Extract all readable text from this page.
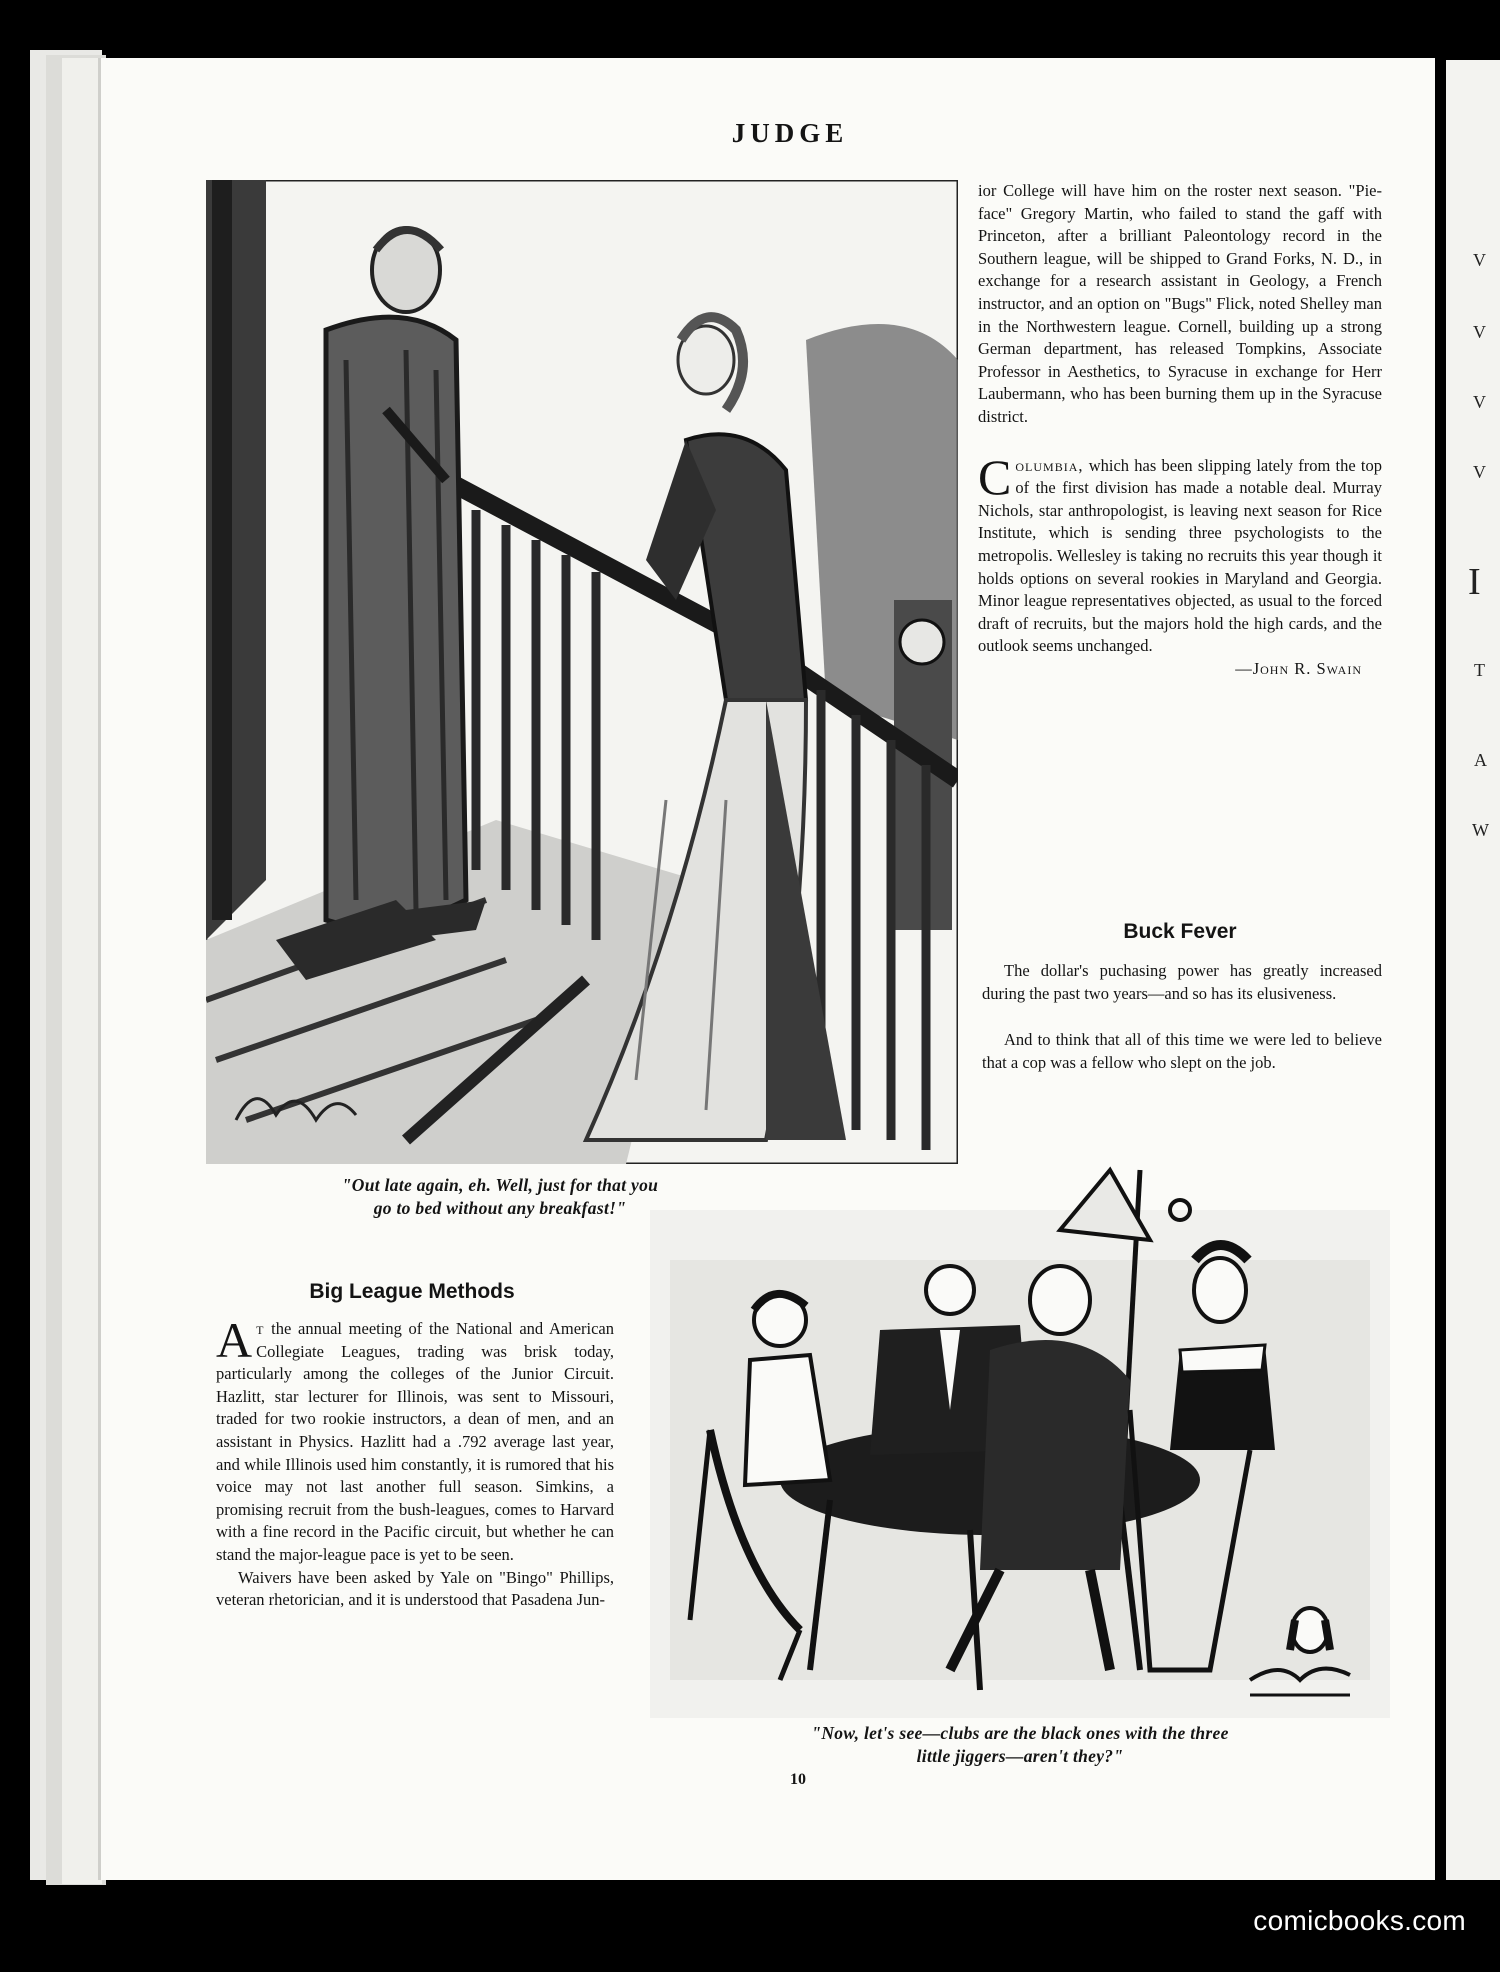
V
V
V
V
I
T
A
W
JUDGE
"Out late again, eh. Well, just for that you
go to bed without any breakfast!"

ior College will have him on the roster next season. "Pie-face" Gregory Martin, who failed to stand the gaff with Princeton, after a brilliant Paleontology record in the Southern league, will be shipped to Grand Forks, N. D., in exchange for a research assistant in Geology, a French instructor, and an option on "Bugs" Flick, noted Shelley man in the Northwestern league. Cornell, building up a strong German department, has released Tompkins, Associate Professor in Aesthetics, to Syracuse in exchange for Herr Laubermann, who has been burning them up in the Syracuse district.

Columbia, which has been slipping lately from the top of the first division has made a notable deal. Murray Nichols, star anthropologist, is leaving next season for Rice Institute, which is sending three psychologists to the metropolis. Wellesley is taking no recruits this year though it holds options on several rookies in Maryland and Georgia. Minor league representatives objected, as usual to the forced draft of recruits, but the majors hold the high cards, and the outlook seems unchanged.

—John R. Swain

Buck Fever

The dollar's puchasing power has greatly increased during the past two years—and so has its elusiveness.

And to think that all of this time we were led to believe that a cop was a fellow who slept on the job.

Big League Methods

At the annual meeting of the National and American Collegiate Leagues, trading was brisk today, particularly among the colleges of the Junior Circuit. Hazlitt, star lecturer for Illinois, was sent to Missouri, traded for two rookie instructors, a dean of men, and an assistant in Physics. Hazlitt had a .792 average last year, and while Illinois used him constantly, it is rumored that his voice may not last another full season. Simkins, a promising recruit from the bush-leagues, comes to Harvard with a fine record in the Pacific circuit, but whether he can stand the major-league pace is yet to be seen.

Waivers have been asked by Yale on "Bingo" Phillips, veteran rhetorician, and it is understood that Pasadena Jun-

"Now, let's see—clubs are the black ones with the three
little jiggers—aren't they?"
10
comicbooks.com
